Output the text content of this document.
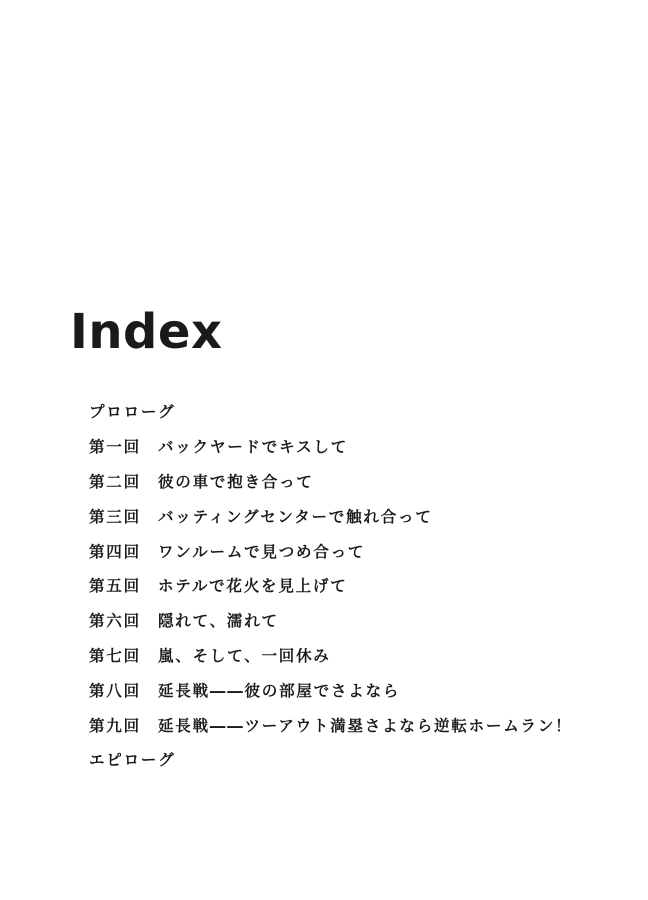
Index
プロローグ
第一回	バックヤードでキスして
第二回	彼の車で抱き合って
第三回	バッティングセンターで触れ合って
第四回	ワンルームで見つめ合って
第五回	ホテルで花火を見上げて
第六回	隠れて、濡れて
第七回	嵐、そして、一回休み
第八回	延長戦――彼の部屋でさよなら
第九回	延長戦――ツーアウト満塁さよなら逆転ホームラン！
エピローグ
